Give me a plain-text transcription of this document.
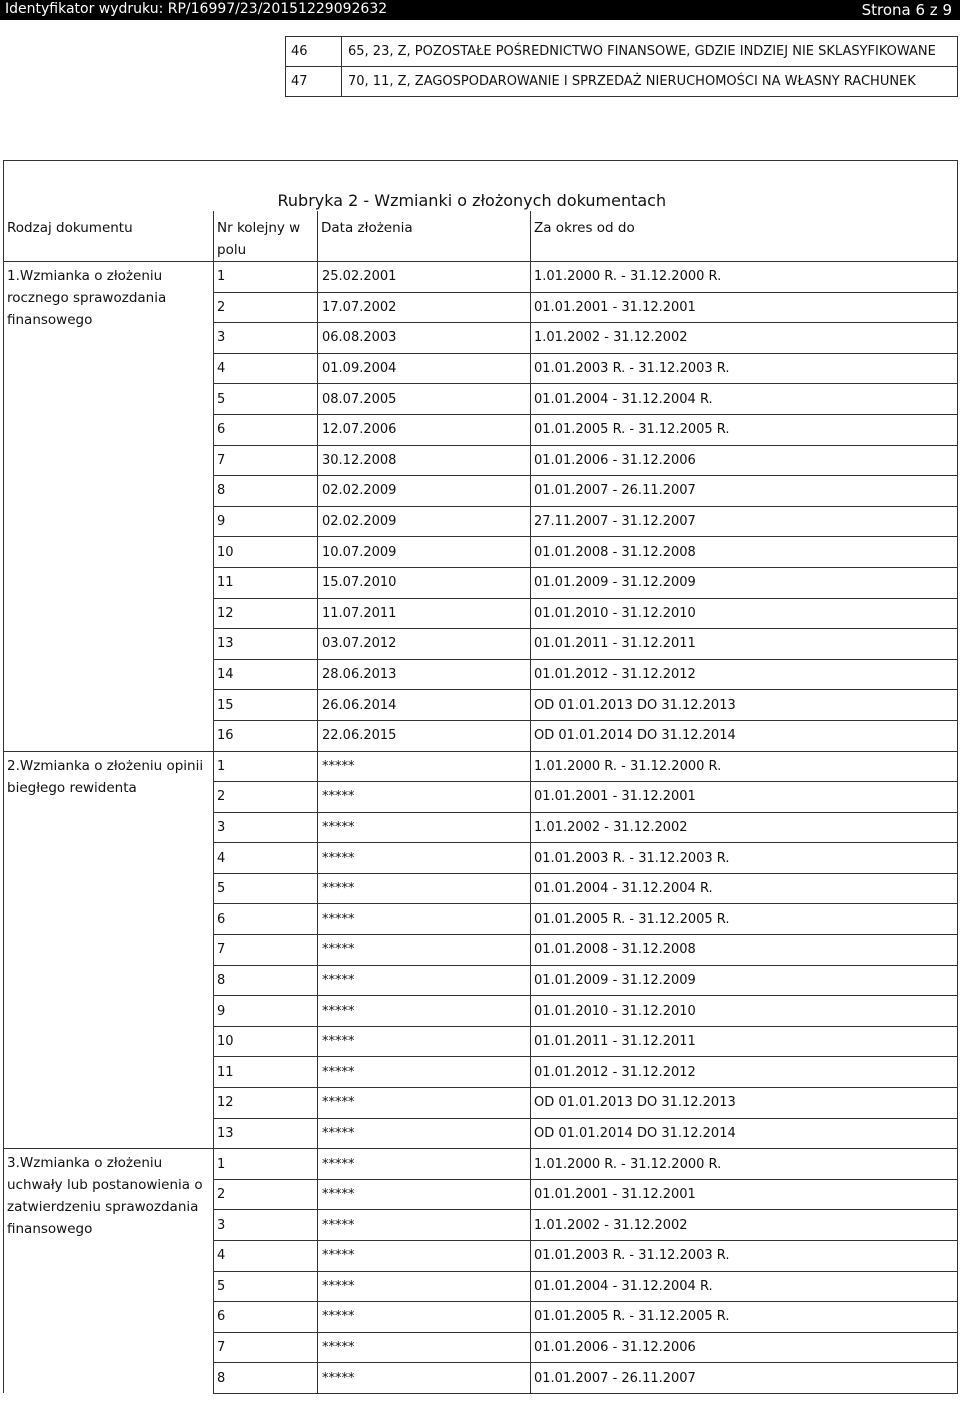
Identyfikator wydruku: RP/16997/23/20151229092632	Strona 6 z 9
46	65, 23, Z, POZOSTAŁE POŚREDNICTWO FINANSOWE, GDZIE INDZIEJ NIE SKLASYFIKOWANE
47	70, 11, Z, ZAGOSPODAROWANIE I SPRZEDAŻ NIERUCHOMOŚCI NA WŁASNY RACHUNEK
	Rubryka 2 - Wzmianki o złożonych dokumentach		
Rodzaj dokumentu	Nr kolejny w polu	Data złożenia	Za okres od do
1.Wzmianka o złożeniu rocznego sprawozdania finansowego	1	25.02.2001	1.01.2000 R. - 31.12.2000 R.
	2	17.07.2002	01.01.2001 - 31.12.2001
	3	06.08.2003	1.01.2002 - 31.12.2002
	4	01.09.2004	01.01.2003 R. - 31.12.2003 R.
	5	08.07.2005	01.01.2004 - 31.12.2004 R.
	6	12.07.2006	01.01.2005 R. - 31.12.2005 R.
	7	30.12.2008	01.01.2006 - 31.12.2006
	8	02.02.2009	01.01.2007 - 26.11.2007
	9	02.02.2009	27.11.2007 - 31.12.2007
	10	10.07.2009	01.01.2008 - 31.12.2008
	11	15.07.2010	01.01.2009 - 31.12.2009
	12	11.07.2011	01.01.2010 - 31.12.2010
	13	03.07.2012	01.01.2011 - 31.12.2011
	14	28.06.2013	01.01.2012 - 31.12.2012
	15	26.06.2014	OD 01.01.2013 DO 31.12.2013
	16	22.06.2015	OD 01.01.2014 DO 31.12.2014
2.Wzmianka o złożeniu opinii biegłego rewidenta	1	*****	1.01.2000 R. - 31.12.2000 R.
	2	*****	01.01.2001 - 31.12.2001
	3	*****	1.01.2002 - 31.12.2002
	4	*****	01.01.2003 R. - 31.12.2003 R.
	5	*****	01.01.2004 - 31.12.2004 R.
	6	*****	01.01.2005 R. - 31.12.2005 R.
	7	*****	01.01.2008 - 31.12.2008
	8	*****	01.01.2009 - 31.12.2009
	9	*****	01.01.2010 - 31.12.2010
	10	*****	01.01.2011 - 31.12.2011
	11	*****	01.01.2012 - 31.12.2012
	12	*****	OD 01.01.2013 DO 31.12.2013
	13	*****	OD 01.01.2014 DO 31.12.2014
3.Wzmianka o złożeniu uchwały lub postanowienia o zatwierdzeniu sprawozdania finansowego	1	*****	1.01.2000 R. - 31.12.2000 R.
	2	*****	01.01.2001 - 31.12.2001
	3	*****	1.01.2002 - 31.12.2002
	4	*****	01.01.2003 R. - 31.12.2003 R.
	5	*****	01.01.2004 - 31.12.2004 R.
	6	*****	01.01.2005 R. - 31.12.2005 R.
	7	*****	01.01.2006 - 31.12.2006
	8	*****	01.01.2007 - 26.11.2007
